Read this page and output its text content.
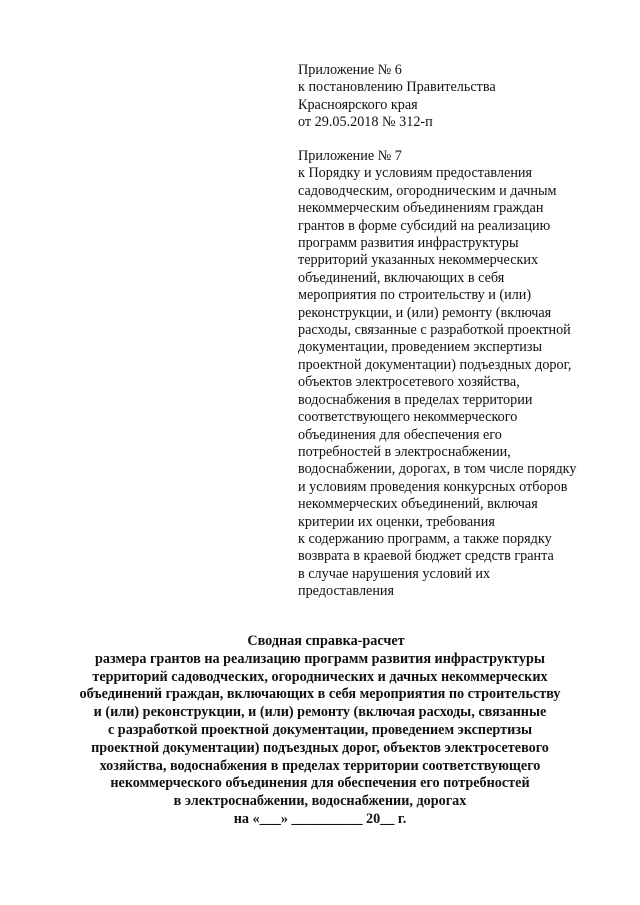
Приложение № 6
к постановлению Правительства
Красноярского края
от 29.05.2018 № 312-п
Приложение № 7
к Порядку и условиям предоставления
садоводческим, огородническим и дачным
некоммерческим объединениям граждан
грантов в форме субсидий на реализацию
программ развития инфраструктуры
территорий указанных некоммерческих
объединений, включающих в себя
мероприятия по строительству и (или)
реконструкции, и (или) ремонту (включая
расходы, связанные с разработкой проектной
документации, проведением экспертизы
проектной документации) подъездных дорог,
объектов электросетевого хозяйства,
водоснабжения в пределах территории
соответствующего некоммерческого
объединения для обеспечения его
потребностей в электроснабжении,
водоснабжении, дорогах, в том числе порядку
и условиям проведения конкурсных отборов
некоммерческих объединений, включая
критерии их оценки, требования
к содержанию программ, а также порядку
возврата в краевой бюджет средств гранта
в случае нарушения условий их
предоставления
Сводная справка-расчет
размера грантов на реализацию программ развития инфраструктуры
территорий садоводческих, огороднических и дачных некоммерческих
объединений граждан, включающих в себя мероприятия по строительству
и (или) реконструкции, и (или) ремонту (включая расходы, связанные
с разработкой проектной документации, проведением экспертизы
проектной документации) подъездных дорог, объектов электросетевого
хозяйства, водоснабжения в пределах территории соответствующего
некоммерческого объединения для обеспечения его потребностей
в электроснабжении, водоснабжении, дорогах
на «___» __________ 20__ г.
